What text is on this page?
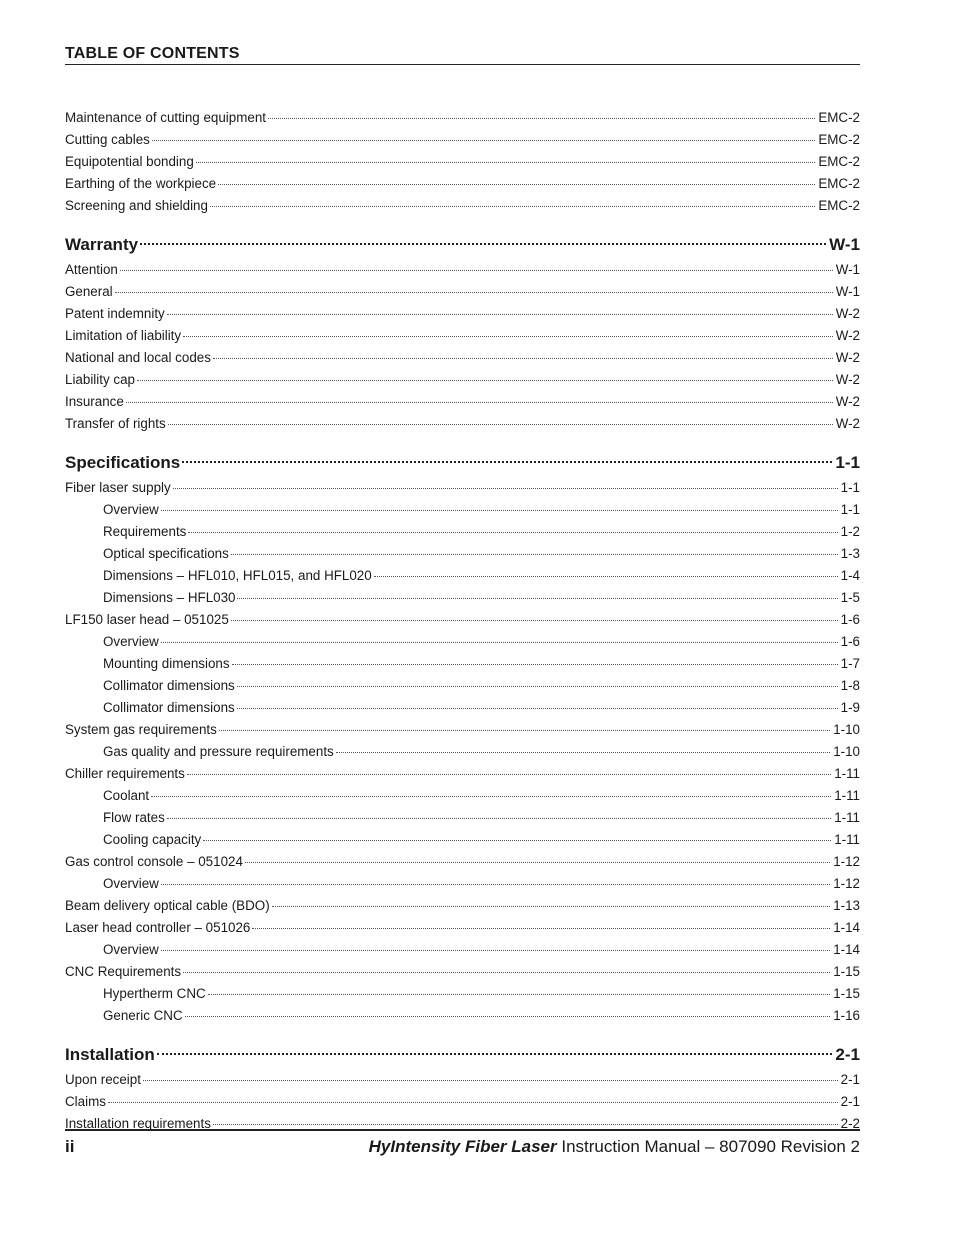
TABLE OF CONTENTS
Maintenance of cutting equipment	EMC-2
Cutting cables	EMC-2
Equipotential bonding	EMC-2
Earthing of the workpiece	EMC-2
Screening and shielding	EMC-2
Warranty	W-1
Attention	W-1
General	W-1
Patent indemnity	W-2
Limitation of liability	W-2
National and local codes	W-2
Liability cap	W-2
Insurance	W-2
Transfer of rights	W-2
Specifications	1-1
Fiber laser supply	1-1
Overview	1-1
Requirements	1-2
Optical specifications	1-3
Dimensions – HFL010, HFL015, and HFL020	1-4
Dimensions – HFL030	1-5
LF150 laser head – 051025	1-6
Overview	1-6
Mounting dimensions	1-7
Collimator dimensions	1-8
Collimator dimensions	1-9
System gas requirements	1-10
Gas quality and pressure requirements	1-10
Chiller requirements	1-11
Coolant	1-11
Flow rates	1-11
Cooling capacity	1-11
Gas control console – 051024	1-12
Overview	1-12
Beam delivery optical cable (BDO)	1-13
Laser head controller – 051026	1-14
Overview	1-14
CNC Requirements	1-15
Hypertherm CNC	1-15
Generic CNC	1-16
Installation	2-1
Upon receipt	2-1
Claims	2-1
Installation requirements	2-2
ii	HyIntensity Fiber Laser Instruction Manual – 807090 Revision 2
